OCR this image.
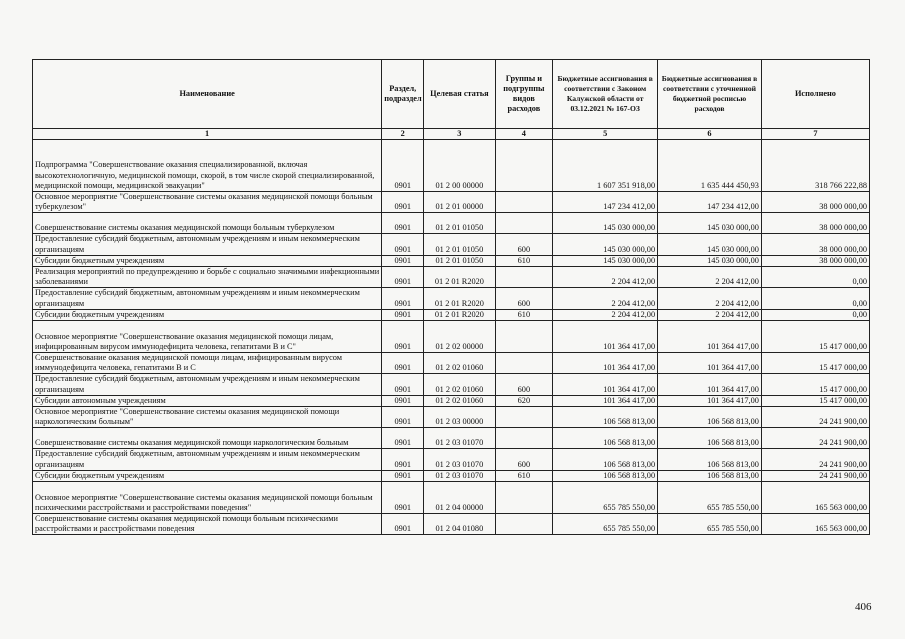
Наименование	Раздел, подраздел	Целевая статья	Группы и подгруппы видов расходов	Бюджетные ассигнования в соответствии с Законом Калужской области от 03.12.2021 № 167-ОЗ	Бюджетные ассигнования в соответствии с уточненной бюджетной росписью расходов	Исполнено
1	2	3	4	5	6	7
Подпрограмма "Совершенствование оказания специализированной, включая высокотехнологичную, медицинской помощи, скорой, в том числе скорой специализированной, медицинской помощи, медицинской эвакуации"	0901	01 2 00 00000		1 607 351 918,00	1 635 444 450,93	318 766 222,88
Основное мероприятие "Совершенствование системы оказания медицинской помощи больным туберкулезом"	0901	01 2 01 00000		147 234 412,00	147 234 412,00	38 000 000,00
Совершенствование системы оказания медицинской помощи больным туберкулезом	0901	01 2 01 01050		145 030 000,00	145 030 000,00	38 000 000,00
Предоставление субсидий бюджетным, автономным учреждениям и иным некоммерческим организациям	0901	01 2 01 01050	600	145 030 000,00	145 030 000,00	38 000 000,00
Субсидии бюджетным учреждениям	0901	01 2 01 01050	610	145 030 000,00	145 030 000,00	38 000 000,00
Реализация мероприятий по предупреждению и борьбе с социально значимыми инфекционными заболеваниями	0901	01 2 01 R2020		2 204 412,00	2 204 412,00	0,00
Предоставление субсидий бюджетным, автономным учреждениям и иным некоммерческим организациям	0901	01 2 01 R2020	600	2 204 412,00	2 204 412,00	0,00
Субсидии бюджетным учреждениям	0901	01 2 01 R2020	610	2 204 412,00	2 204 412,00	0,00
Основное мероприятие "Совершенствование оказания медицинской помощи лицам, инфицированным вирусом иммунодефицита человека, гепатитами В и С"	0901	01 2 02 00000		101 364 417,00	101 364 417,00	15 417 000,00
Совершенствование оказания медицинской помощи лицам, инфицированным вирусом иммунодефицита человека, гепатитами В и С	0901	01 2 02 01060		101 364 417,00	101 364 417,00	15 417 000,00
Предоставление субсидий бюджетным, автономным учреждениям и иным некоммерческим организациям	0901	01 2 02 01060	600	101 364 417,00	101 364 417,00	15 417 000,00
Субсидии автономным учреждениям	0901	01 2 02 01060	620	101 364 417,00	101 364 417,00	15 417 000,00
Основное мероприятие "Совершенствование системы оказания медицинской помощи наркологическим больным"	0901	01 2 03 00000		106 568 813,00	106 568 813,00	24 241 900,00
Совершенствование системы оказания медицинской помощи наркологическим больным	0901	01 2 03 01070		106 568 813,00	106 568 813,00	24 241 900,00
Предоставление субсидий бюджетным, автономным учреждениям и иным некоммерческим организациям	0901	01 2 03 01070	600	106 568 813,00	106 568 813,00	24 241 900,00
Субсидии бюджетным учреждениям	0901	01 2 03 01070	610	106 568 813,00	106 568 813,00	24 241 900,00
Основное мероприятие "Совершенствование системы оказания медицинской помощи больным психическими расстройствами и расстройствами поведения"	0901	01 2 04 00000		655 785 550,00	655 785 550,00	165 563 000,00
Совершенствование системы оказания медицинской помощи больным психическими расстройствами и расстройствами поведения	0901	01 2 04 01080		655 785 550,00	655 785 550,00	165 563 000,00
406
